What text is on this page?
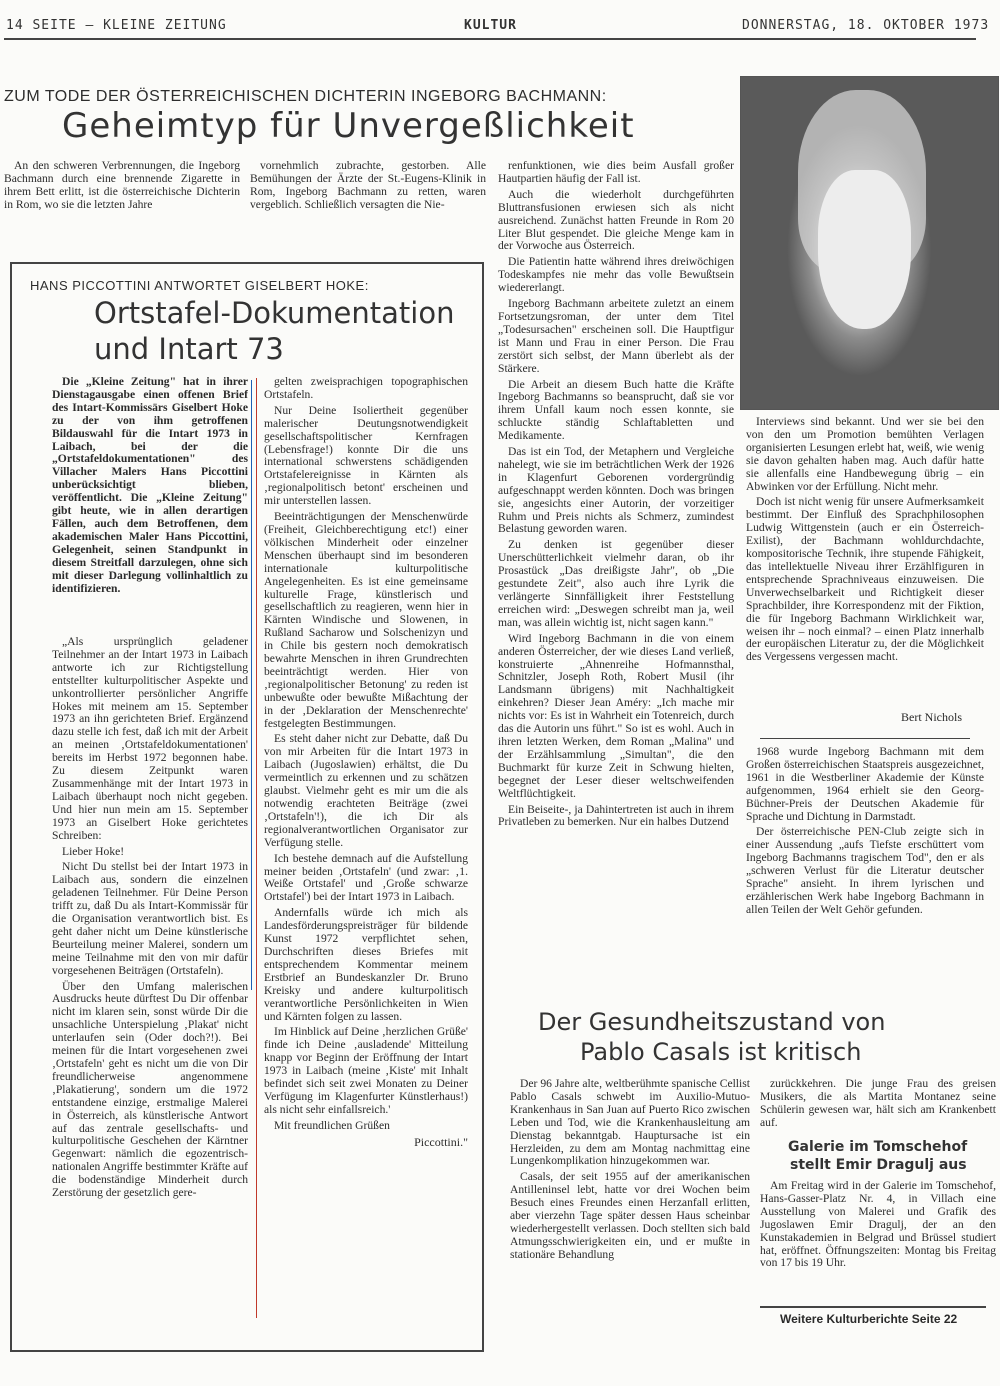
14 SEITE – KLEINE ZEITUNG	KULTUR	DONNERSTAG, 18. OKTOBER 1973
ZUM TODE DER ÖSTERREICHISCHEN DICHTERIN INGEBORG BACHMANN:
Geheimtyp für Unvergeßlichkeit

An den schweren Verbrennungen, die Ingeborg Bachmann durch eine brennende Zigarette in ihrem Bett erlitt, ist die österreichische Dichterin in Rom, wo sie die letzten Jahre

vornehmlich zubrachte, gestorben. Alle Bemühungen der Ärzte der St.-Eugens-Klinik in Rom, Ingeborg Bachmann zu retten, waren vergeblich. Schließlich versagten die Nie-

renfunktionen, wie dies beim Ausfall großer Hautpartien häufig der Fall ist.

Auch die wiederholt durchgeführten Bluttransfusionen erwiesen sich als nicht ausreichend. Zunächst hatten Freunde in Rom 20 Liter Blut gespendet. Die gleiche Menge kam in der Vorwoche aus Österreich.

Die Patientin hatte während ihres dreiwöchigen Todeskampfes nie mehr das volle Bewußtsein wiedererlangt.

Ingeborg Bachmann arbeitete zuletzt an einem Fortsetzungsroman, der unter dem Titel „Todesursachen" erscheinen soll. Die Hauptfigur ist Mann und Frau in einer Person. Die Frau zerstört sich selbst, der Mann überlebt als der Stärkere.

Die Arbeit an diesem Buch hatte die Kräfte Ingeborg Bachmanns so beansprucht, daß sie vor ihrem Unfall kaum noch essen konnte, sie schluckte ständig Schlaftabletten und Medikamente.

Das ist ein Tod, der Metaphern und Vergleiche nahelegt, wie sie im beträchtlichen Werk der 1926 in Klagenfurt Geborenen vordergründig aufgeschnappt werden könnten. Doch was bringen sie, angesichts einer Autorin, der vorzeitiger Ruhm und Preis nichts als Schmerz, zumindest Belastung geworden waren.

Zu denken ist gegenüber dieser Unerschütterlichkeit vielmehr daran, ob ihr Prosastück „Das dreißigste Jahr", ob „Die gestundete Zeit", also auch ihre Lyrik die verlängerte Sinnfälligkeit ihrer Feststellung erreichen wird: „Deswegen schreibt man ja, weil man, was allein wichtig ist, nicht sagen kann."

Wird Ingeborg Bachmann in die von einem anderen Österreicher, der wie dieses Land verließ, konstruierte „Ahnenreihe Hofmannsthal, Schnitzler, Joseph Roth, Robert Musil (ihr Landsmann übrigens) mit Nachhaltigkeit einkehren? Dieser Jean Améry: „Ich mache mir nichts vor: Es ist in Wahrheit ein Totenreich, durch das die Autorin uns führt." So ist es wohl. Auch in ihren letzten Werken, dem Roman „Malina" und der Erzählsammlung „Simultan", die den Buchmarkt für kurze Zeit in Schwung hielten, begegnet der Leser dieser weltschweifenden Weltflüchtigkeit.

Ein Beiseite-, ja Dahintertreten ist auch in ihrem Privatleben zu bemerken. Nur ein halbes Dutzend

Interviews sind bekannt. Und wer sie bei den von den um Promotion bemühten Verlagen organisierten Lesungen erlebt hat, weiß, wie wenig sie davon gehalten haben mag. Auch dafür hatte sie allenfalls eine Handbewegung übrig – ein Abwinken vor der Erfüllung. Nicht mehr.

Doch ist nicht wenig für unsere Aufmerksamkeit bestimmt. Der Einfluß des Sprachphilosophen Ludwig Wittgenstein (auch er ein Österreich-Exilist), der Bachmann wohldurchdachte, kompositorische Technik, ihre stupende Fähigkeit, das intellektuelle Niveau ihrer Erzählfiguren in entsprechende Sprachniveaus einzuweisen. Die Unverwechselbarkeit und Richtigkeit dieser Sprachbilder, ihre Korrespondenz mit der Fiktion, die für Ingeborg Bachmann Wirklichkeit war, weisen ihr – noch einmal? – einen Platz innerhalb der europäischen Literatur zu, der die Möglichkeit des Vergessens vergessen macht.

Bert Nichols

1968 wurde Ingeborg Bachmann mit dem Großen österreichischen Staatspreis ausgezeichnet, 1961 in die Westberliner Akademie der Künste aufgenommen, 1964 erhielt sie den Georg-Büchner-Preis der Deutschen Akademie für Sprache und Dichtung in Darmstadt.

Der österreichische PEN-Club zeigte sich in einer Aussendung „aufs Tiefste erschüttert vom Ingeborg Bachmanns tragischem Tod", den er als „schweren Verlust für die Literatur deutscher Sprache" ansieht. In ihrem lyrischen und erzählerischen Werk habe Ingeborg Bachmann in allen Teilen der Welt Gehör gefunden.

HANS PICCOTTINI ANTWORTET GISELBERT HOKE:
Ortstafel-Dokumentation
und Intart 73

Die „Kleine Zeitung" hat in ihrer Dienstagausgabe einen offenen Brief des Intart-Kommissärs Giselbert Hoke zu der von ihm getroffenen Bildauswahl für die Intart 1973 in Laibach, bei der die „Ortstafeldokumentationen" des Villacher Malers Hans Piccottini unberücksichtigt blieben, veröffentlicht. Die „Kleine Zeitung" gibt heute, wie in allen derartigen Fällen, auch dem Betroffenen, dem akademischen Maler Hans Piccottini, Gelegenheit, seinen Standpunkt in diesem Streitfall darzulegen, ohne sich mit dieser Darlegung vollinhaltlich zu identifizieren.

„Als ursprünglich geladener Teilnehmer an der Intart 1973 in Laibach antworte ich zur Richtigstellung entstellter kulturpolitischer Aspekte und unkontrollierter persönlicher Angriffe Hokes mit meinem am 15. September 1973 an ihn gerichteten Brief. Ergänzend dazu stelle ich fest, daß ich mit der Arbeit an meinen ‚Ortstafeldokumentationen' bereits im Herbst 1972 begonnen habe. Zu diesem Zeitpunkt waren Zusammenhänge mit der Intart 1973 in Laibach überhaupt noch nicht gegeben. Und hier nun mein am 15. September 1973 an Giselbert Hoke gerichtetes Schreiben:

Lieber Hoke!

Nicht Du stellst bei der Intart 1973 in Laibach aus, sondern die einzelnen geladenen Teilnehmer. Für Deine Person trifft zu, daß Du als Intart-Kommissär für die Organisation verantwortlich bist. Es geht daher nicht um Deine künstlerische Beurteilung meiner Malerei, sondern um meine Teilnahme mit den von mir dafür vorgesehenen Beiträgen (Ortstafeln).

Über den Umfang malerischen Ausdrucks heute dürftest Du Dir offenbar nicht im klaren sein, sonst würde Dir die unsachliche Unterspielung ‚Plakat' nicht unterlaufen sein (Oder doch?!). Bei meinen für die Intart vorgesehenen zwei ‚Ortstafeln' geht es nicht um die von Dir freundlicherweise angenommene ‚Plakatierung', sondern um die 1972 entstandene einzige, erstmalige Malerei in Österreich, als künstlerische Antwort auf das zentrale gesellschafts- und kulturpolitische Geschehen der Kärntner Gegenwart: nämlich die egozentrisch-nationalen Angriffe bestimmter Kräfte auf die bodenständige Minderheit durch Zerstörung der gesetzlich gere-

gelten zweisprachigen topographischen Ortstafeln.

Nur Deine Isoliertheit gegenüber malerischer Deutungsnotwendigkeit gesellschaftspolitischer Kernfragen (Lebensfrage!) konnte Dir die uns international schwerstens schädigenden Ortstafelereignisse in Kärnten als ‚regionalpolitisch betont' erscheinen und mir unterstellen lassen.

Beeinträchtigungen der Menschenwürde (Freiheit, Gleichberechtigung etc!) einer völkischen Minderheit oder einzelner Menschen überhaupt sind im besonderen internationale kulturpolitische Angelegenheiten. Es ist eine gemeinsame kulturelle Frage, künstlerisch und gesellschaftlich zu reagieren, wenn hier in Kärnten Windische und Slowenen, in Rußland Sacharow und Solschenizyn und in Chile bis gestern noch demokratisch bewahrte Menschen in ihren Grundrechten beeinträchtigt werden. Hier von ‚regionalpolitischer Betonung' zu reden ist unbewußte oder bewußte Mißachtung der in der ‚Deklaration der Menschenrechte' festgelegten Bestimmungen.

Es steht daher nicht zur Debatte, daß Du von mir Arbeiten für die Intart 1973 in Laibach (Jugoslawien) erhältst, die Du vermeintlich zu erkennen und zu schätzen glaubst. Vielmehr geht es mir um die als notwendig erachteten Beiträge (zwei ‚Ortstafeln'!), die ich Dir als regionalverantwortlichen Organisator zur Verfügung stelle.

Ich bestehe demnach auf die Aufstellung meiner beiden ‚Ortstafeln' (und zwar: ‚1. Weiße Ortstafel' und ‚Große schwarze Ortstafel') bei der Intart 1973 in Laibach.

Andernfalls würde ich mich als Landesförderungspreisträger für bildende Kunst 1972 verpflichtet sehen, Durchschriften dieses Briefes mit entsprechendem Kommentar meinem Erstbrief an Bundeskanzler Dr. Bruno Kreisky und andere kulturpolitisch verantwortliche Persönlichkeiten in Wien und Kärnten folgen zu lassen.

Im Hinblick auf Deine ‚herzlichen Grüße' finde ich Deine ‚ausladende' Mitteilung knapp vor Beginn der Eröffnung der Intart 1973 in Laibach (meine ‚Kiste' mit Inhalt befindet sich seit zwei Monaten zu Deiner Verfügung im Klagenfurter Künstlerhaus!) als nicht sehr einfallsreich.'

Mit freundlichen Grüßen

Piccottini."
Der Gesundheitszustand von
Pablo Casals ist kritisch

Der 96 Jahre alte, weltberühmte spanische Cellist Pablo Casals schwebt im Auxilio-Mutuo-Krankenhaus in San Juan auf Puerto Rico zwischen Leben und Tod, wie die Krankenhausleitung am Dienstag bekanntgab. Hauptursache ist ein Herzleiden, zu dem am Montag nachmittag eine Lungenkomplikation hinzugekommen war.

Casals, der seit 1955 auf der amerikanischen Antilleninsel lebt, hatte vor drei Wochen beim Besuch eines Freundes einen Herzanfall erlitten, aber vierzehn Tage später dessen Haus scheinbar wiederhergestellt verlassen. Doch stellten sich bald Atmungsschwierigkeiten ein, und er mußte in stationäre Behandlung

zurückkehren. Die junge Frau des greisen Musikers, die als Martita Montanez seine Schülerin gewesen war, hält sich am Krankenbett auf.

Galerie im Tomschehof
stellt Emir Dragulj aus

Am Freitag wird in der Galerie im Tomschehof, Hans-Gasser-Platz Nr. 4, in Villach eine Ausstellung von Malerei und Grafik des Jugoslawen Emir Dragulj, der an den Kunstakademien in Belgrad und Brüssel studiert hat, eröffnet. Öffnungszeiten: Montag bis Freitag von 17 bis 19 Uhr.

Weitere Kulturberichte Seite 22
